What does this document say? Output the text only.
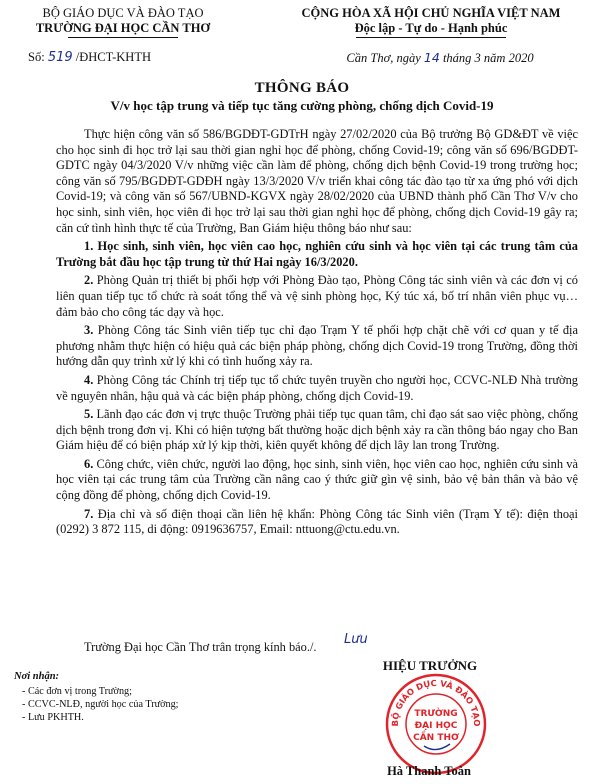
BỘ GIÁO DỤC VÀ ĐÀO TẠO
TRƯỜNG ĐẠI HỌC CẦN THƠ
Số: 519 /ĐHCT-KHTH
CỘNG HÒA XÃ HỘI CHỦ NGHĨA VIỆT NAM
Độc lập - Tự do - Hạnh phúc
Cần Thơ, ngày 14 tháng 3 năm 2020
THÔNG BÁO
V/v học tập trung và tiếp tục tăng cường phòng, chống dịch Covid-19

Thực hiện công văn số 586/BGDĐT-GDTrH ngày 27/02/2020 của Bộ trưởng Bộ GD&ĐT về việc cho học sinh đi học trở lại sau thời gian nghỉ học để phòng, chống Covid-19; công văn số 696/BGDĐT-GDTC ngày 04/3/2020 V/v những việc cần làm để phòng, chống dịch bệnh Covid-19 trong trường học; công văn số 795/BGDĐT-GDĐH ngày 13/3/2020 V/v triển khai công tác đào tạo từ xa ứng phó với dịch Covid-19; và công văn số 567/UBND-KGVX ngày 28/02/2020 của UBND thành phố Cần Thơ V/v cho học sinh, sinh viên, học viên đi học trở lại sau thời gian nghỉ học để phòng, chống dịch Covid-19 gây ra; căn cứ tình hình thực tế của Trường, Ban Giám hiệu thông báo như sau:

1. Học sinh, sinh viên, học viên cao học, nghiên cứu sinh và học viên tại các trung tâm của Trường bắt đầu học tập trung từ thứ Hai ngày 16/3/2020.

2. Phòng Quản trị thiết bị phối hợp với Phòng Đào tạo, Phòng Công tác sinh viên và các đơn vị có liên quan tiếp tục tổ chức rà soát tổng thể và vệ sinh phòng học, Ký túc xá, bố trí nhân viên phục vụ… đảm bảo cho công tác dạy và học.

3. Phòng Công tác Sinh viên tiếp tục chỉ đạo Trạm Y tế phối hợp chặt chẽ với cơ quan y tế địa phương nhằm thực hiện có hiệu quả các biện pháp phòng, chống dịch Covid-19 trong Trường, đồng thời hướng dẫn quy trình xử lý khi có tình huống xảy ra.

4. Phòng Công tác Chính trị tiếp tục tổ chức tuyên truyền cho người học, CCVC-NLĐ Nhà trường về nguyên nhân, hậu quả và các biện pháp phòng, chống dịch Covid-19.

5. Lãnh đạo các đơn vị trực thuộc Trường phải tiếp tục quan tâm, chỉ đạo sát sao việc phòng, chống dịch bệnh trong đơn vị. Khi có hiện tượng bất thường hoặc dịch bệnh xảy ra cần thông báo ngay cho Ban Giám hiệu để có biện pháp xử lý kịp thời, kiên quyết không để dịch lây lan trong Trường.

6. Công chức, viên chức, người lao động, học sinh, sinh viên, học viên cao học, nghiên cứu sinh và học viên tại các trung tâm của Trường cần nâng cao ý thức giữ gìn vệ sinh, bảo vệ bản thân và bảo vệ cộng đồng để phòng, chống dịch Covid-19.

7. Địa chỉ và số điện thoại cần liên hệ khẩn: Phòng Công tác Sinh viên (Trạm Y tế): điện thoại (0292) 3 872 115, di động: 0919636757, Email: nttuong@ctu.edu.vn.

Trường Đại học Cần Thơ trân trọng kính báo./. Lưu
Nơi nhận:
- Các đơn vị trong Trường;
- CCVC-NLĐ, người học của Trường;
- Lưu PKHTH.
HIỆU TRƯỞNG
BỘ GIÁO DỤC VÀ ĐÀO TẠO
TRƯỜNG
ĐẠI HỌC
CẦN THƠ
Hà Thanh Toàn
